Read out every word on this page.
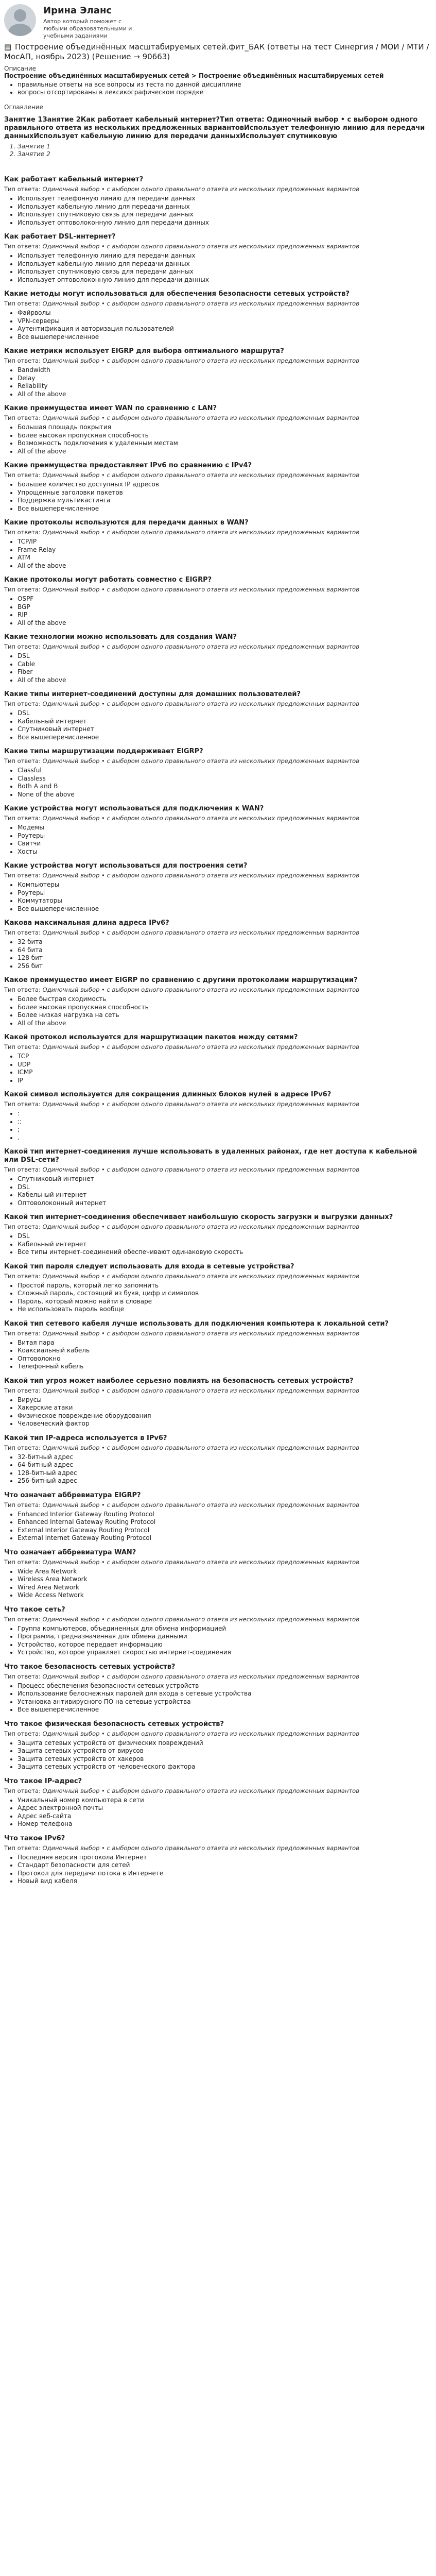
Ирина Эланс
Автор который поможет с любыми образовательными и учебными заданиями
▤ Построение объединённых масштабируемых сетей.фит_БАК (ответы на тест Синергия / МОИ / МТИ / МосАП, ноябрь 2023) (Решение → 90663)
Описание
Построение объединённых масштабируемых сетей > Построение объединённых масштабируемых сетей
• правильные ответы на все вопросы из теста по данной дисциплине
• вопросы отсортированы в лексикографическом порядке
Оглавление
Занятие 1Занятие 2Как работает кабельный интернет?Тип ответа: Одиночный выбор • с выбором одного правильного ответа из нескольких предложенных вариантовИспользует телефонную линию для передачи данныхИспользует кабельную линию для передачи данныхИспользует спутниковую
1. Занятие 1
2. Занятие 2
Как работает кабельный интернет?
Тип ответа: Одиночный выбор • с выбором одного правильного ответа из нескольких предложенных вариантов
• Использует телефонную линию для передачи данных
• Использует кабельную линию для передачи данных
• Использует спутниковую связь для передачи данных
• Использует оптоволоконную линию для передачи данных
Как работает DSL-интернет?
Тип ответа: Одиночный выбор • с выбором одного правильного ответа из нескольких предложенных вариантов
• Использует телефонную линию для передачи данных
• Использует кабельную линию для передачи данных
• Использует спутниковую связь для передачи данных
• Использует оптоволоконную линию для передачи данных
Какие методы могут использоваться для обеспечения безопасности сетевых устройств?
Тип ответа: Одиночный выбор • с выбором одного правильного ответа из нескольких предложенных вариантов
• Файрволы
• VPN-серверы
• Аутентификация и авторизация пользователей
• Все вышеперечисленное
Какие метрики использует EIGRP для выбора оптимального маршрута?
Тип ответа: Одиночный выбор • с выбором одного правильного ответа из нескольких предложенных вариантов
• Bandwidth
• Delay
• Reliability
• All of the above
Какие преимущества имеет WAN по сравнению с LAN?
Тип ответа: Одиночный выбор • с выбором одного правильного ответа из нескольких предложенных вариантов
• Большая площадь покрытия
• Более высокая пропускная способность
• Возможность подключения к удаленным местам
• All of the above
Какие преимущества предоставляет IPv6 по сравнению с IPv4?
Тип ответа: Одиночный выбор • с выбором одного правильного ответа из нескольких предложенных вариантов
• Большее количество доступных IP адресов
• Упрощенные заголовки пакетов
• Поддержка мультикастинга
• Все вышеперечисленное
Какие протоколы используются для передачи данных в WAN?
Тип ответа: Одиночный выбор • с выбором одного правильного ответа из нескольких предложенных вариантов
• TCP/IP
• Frame Relay
• ATM
• All of the above
Какие протоколы могут работать совместно с EIGRP?
Тип ответа: Одиночный выбор • с выбором одного правильного ответа из нескольких предложенных вариантов
• OSPF
• BGP
• RIP
• All of the above
Какие технологии можно использовать для создания WAN?
Тип ответа: Одиночный выбор • с выбором одного правильного ответа из нескольких предложенных вариантов
• DSL
• Cable
• Fiber
• All of the above
Какие типы интернет-соединений доступны для домашних пользователей?
Тип ответа: Одиночный выбор • с выбором одного правильного ответа из нескольких предложенных вариантов
• DSL
• Кабельный интернет
• Спутниковый интернет
• Все вышеперечисленное
Какие типы маршрутизации поддерживает EIGRP?
Тип ответа: Одиночный выбор • с выбором одного правильного ответа из нескольких предложенных вариантов
• Classful
• Classless
• Both A and B
• None of the above
Какие устройства могут использоваться для подключения к WAN?
Тип ответа: Одиночный выбор • с выбором одного правильного ответа из нескольких предложенных вариантов
• Модемы
• Роутеры
• Свитчи
• Хосты
Какие устройства могут использоваться для построения сети?
Тип ответа: Одиночный выбор • с выбором одного правильного ответа из нескольких предложенных вариантов
• Компьютеры
• Роутеры
• Коммутаторы
• Все вышеперечисленное
Какова максимальная длина адреса IPv6?
Тип ответа: Одиночный выбор • с выбором одного правильного ответа из нескольких предложенных вариантов
• 32 бита
• 64 бита
• 128 бит
• 256 бит
Какое преимущество имеет EIGRP по сравнению с другими протоколами маршрутизации?
Тип ответа: Одиночный выбор • с выбором одного правильного ответа из нескольких предложенных вариантов
• Более быстрая сходимость
• Более высокая пропускная способность
• Более низкая нагрузка на сеть
• All of the above
Какой протокол используется для маршрутизации пакетов между сетями?
Тип ответа: Одиночный выбор • с выбором одного правильного ответа из нескольких предложенных вариантов
• TCP
• UDP
• ICMP
• IP
Какой символ используется для сокращения длинных блоков нулей в адресе IPv6?
Тип ответа: Одиночный выбор • с выбором одного правильного ответа из нескольких предложенных вариантов
• :
• ::
• ;
• .
Какой тип интернет-соединения лучше использовать в удаленных районах, где нет доступа к кабельной или DSL-сети?
Тип ответа: Одиночный выбор • с выбором одного правильного ответа из нескольких предложенных вариантов
• Спутниковый интернет
• DSL
• Кабельный интернет
• Оптоволоконный интернет
Какой тип интернет-соединения обеспечивает наибольшую скорость загрузки и выгрузки данных?
Тип ответа: Одиночный выбор • с выбором одного правильного ответа из нескольких предложенных вариантов
• DSL
• Кабельный интернет
• Все типы интернет-соединений обеспечивают одинаковую скорость
Какой тип пароля следует использовать для входа в сетевые устройства?
Тип ответа: Одиночный выбор • с выбором одного правильного ответа из нескольких предложенных вариантов
• Простой пароль, который легко запомнить
• Сложный пароль, состоящий из букв, цифр и символов
• Пароль, который можно найти в словаре
• Не использовать пароль вообще
Какой тип сетевого кабеля лучше использовать для подключения компьютера к локальной сети?
Тип ответа: Одиночный выбор • с выбором одного правильного ответа из нескольких предложенных вариантов
• Витая пара
• Коаксиальный кабель
• Оптоволокно
• Телефонный кабель
Какой тип угроз может наиболее серьезно повлиять на безопасность сетевых устройств?
Тип ответа: Одиночный выбор • с выбором одного правильного ответа из нескольких предложенных вариантов
• Вирусы
• Хакерские атаки
• Физическое повреждение оборудования
• Человеческий фактор
Какой тип IP-адреса используется в IPv6?
Тип ответа: Одиночный выбор • с выбором одного правильного ответа из нескольких предложенных вариантов
• 32-битный адрес
• 64-битный адрес
• 128-битный адрес
• 256-битный адрес
Что означает аббревиатура EIGRP?
Тип ответа: Одиночный выбор • с выбором одного правильного ответа из нескольких предложенных вариантов
• Enhanced Interior Gateway Routing Protocol
• Enhanced Internal Gateway Routing Protocol
• External Interior Gateway Routing Protocol
• External Internet Gateway Routing Protocol
Что означает аббревиатура WAN?
Тип ответа: Одиночный выбор • с выбором одного правильного ответа из нескольких предложенных вариантов
• Wide Area Network
• Wireless Area Network
• Wired Area Network
• Wide Access Network
Что такое сеть?
Тип ответа: Одиночный выбор • с выбором одного правильного ответа из нескольких предложенных вариантов
• Группа компьютеров, объединенных для обмена информацией
• Программа, предназначенная для обмена данными
• Устройство, которое передает информацию
• Устройство, которое управляет скоростью интернет-соединения
Что такое безопасность сетевых устройств?
Тип ответа: Одиночный выбор • с выбором одного правильного ответа из нескольких предложенных вариантов
• Процесс обеспечения безопасности сетевых устройств
• Использование белоснежных паролей для входа в сетевые устройства
• Установка антивирусного ПО на сетевые устройства
• Все вышеперечисленное
Что такое физическая безопасность сетевых устройств?
Тип ответа: Одиночный выбор • с выбором одного правильного ответа из нескольких предложенных вариантов
• Защита сетевых устройств от физических повреждений
• Защита сетевых устройств от вирусов
• Защита сетевых устройств от хакеров
• Защита сетевых устройств от человеческого фактора
Что такое IP-адрес?
Тип ответа: Одиночный выбор • с выбором одного правильного ответа из нескольких предложенных вариантов
• Уникальный номер компьютера в сети
• Адрес электронной почты
• Адрес веб-сайта
• Номер телефона
Что такое IPv6?
Тип ответа: Одиночный выбор • с выбором одного правильного ответа из нескольких предложенных вариантов
• Последняя версия протокола Интернет
• Стандарт безопасности для сетей
• Протокол для передачи потока в Интернете
• Новый вид кабеля
